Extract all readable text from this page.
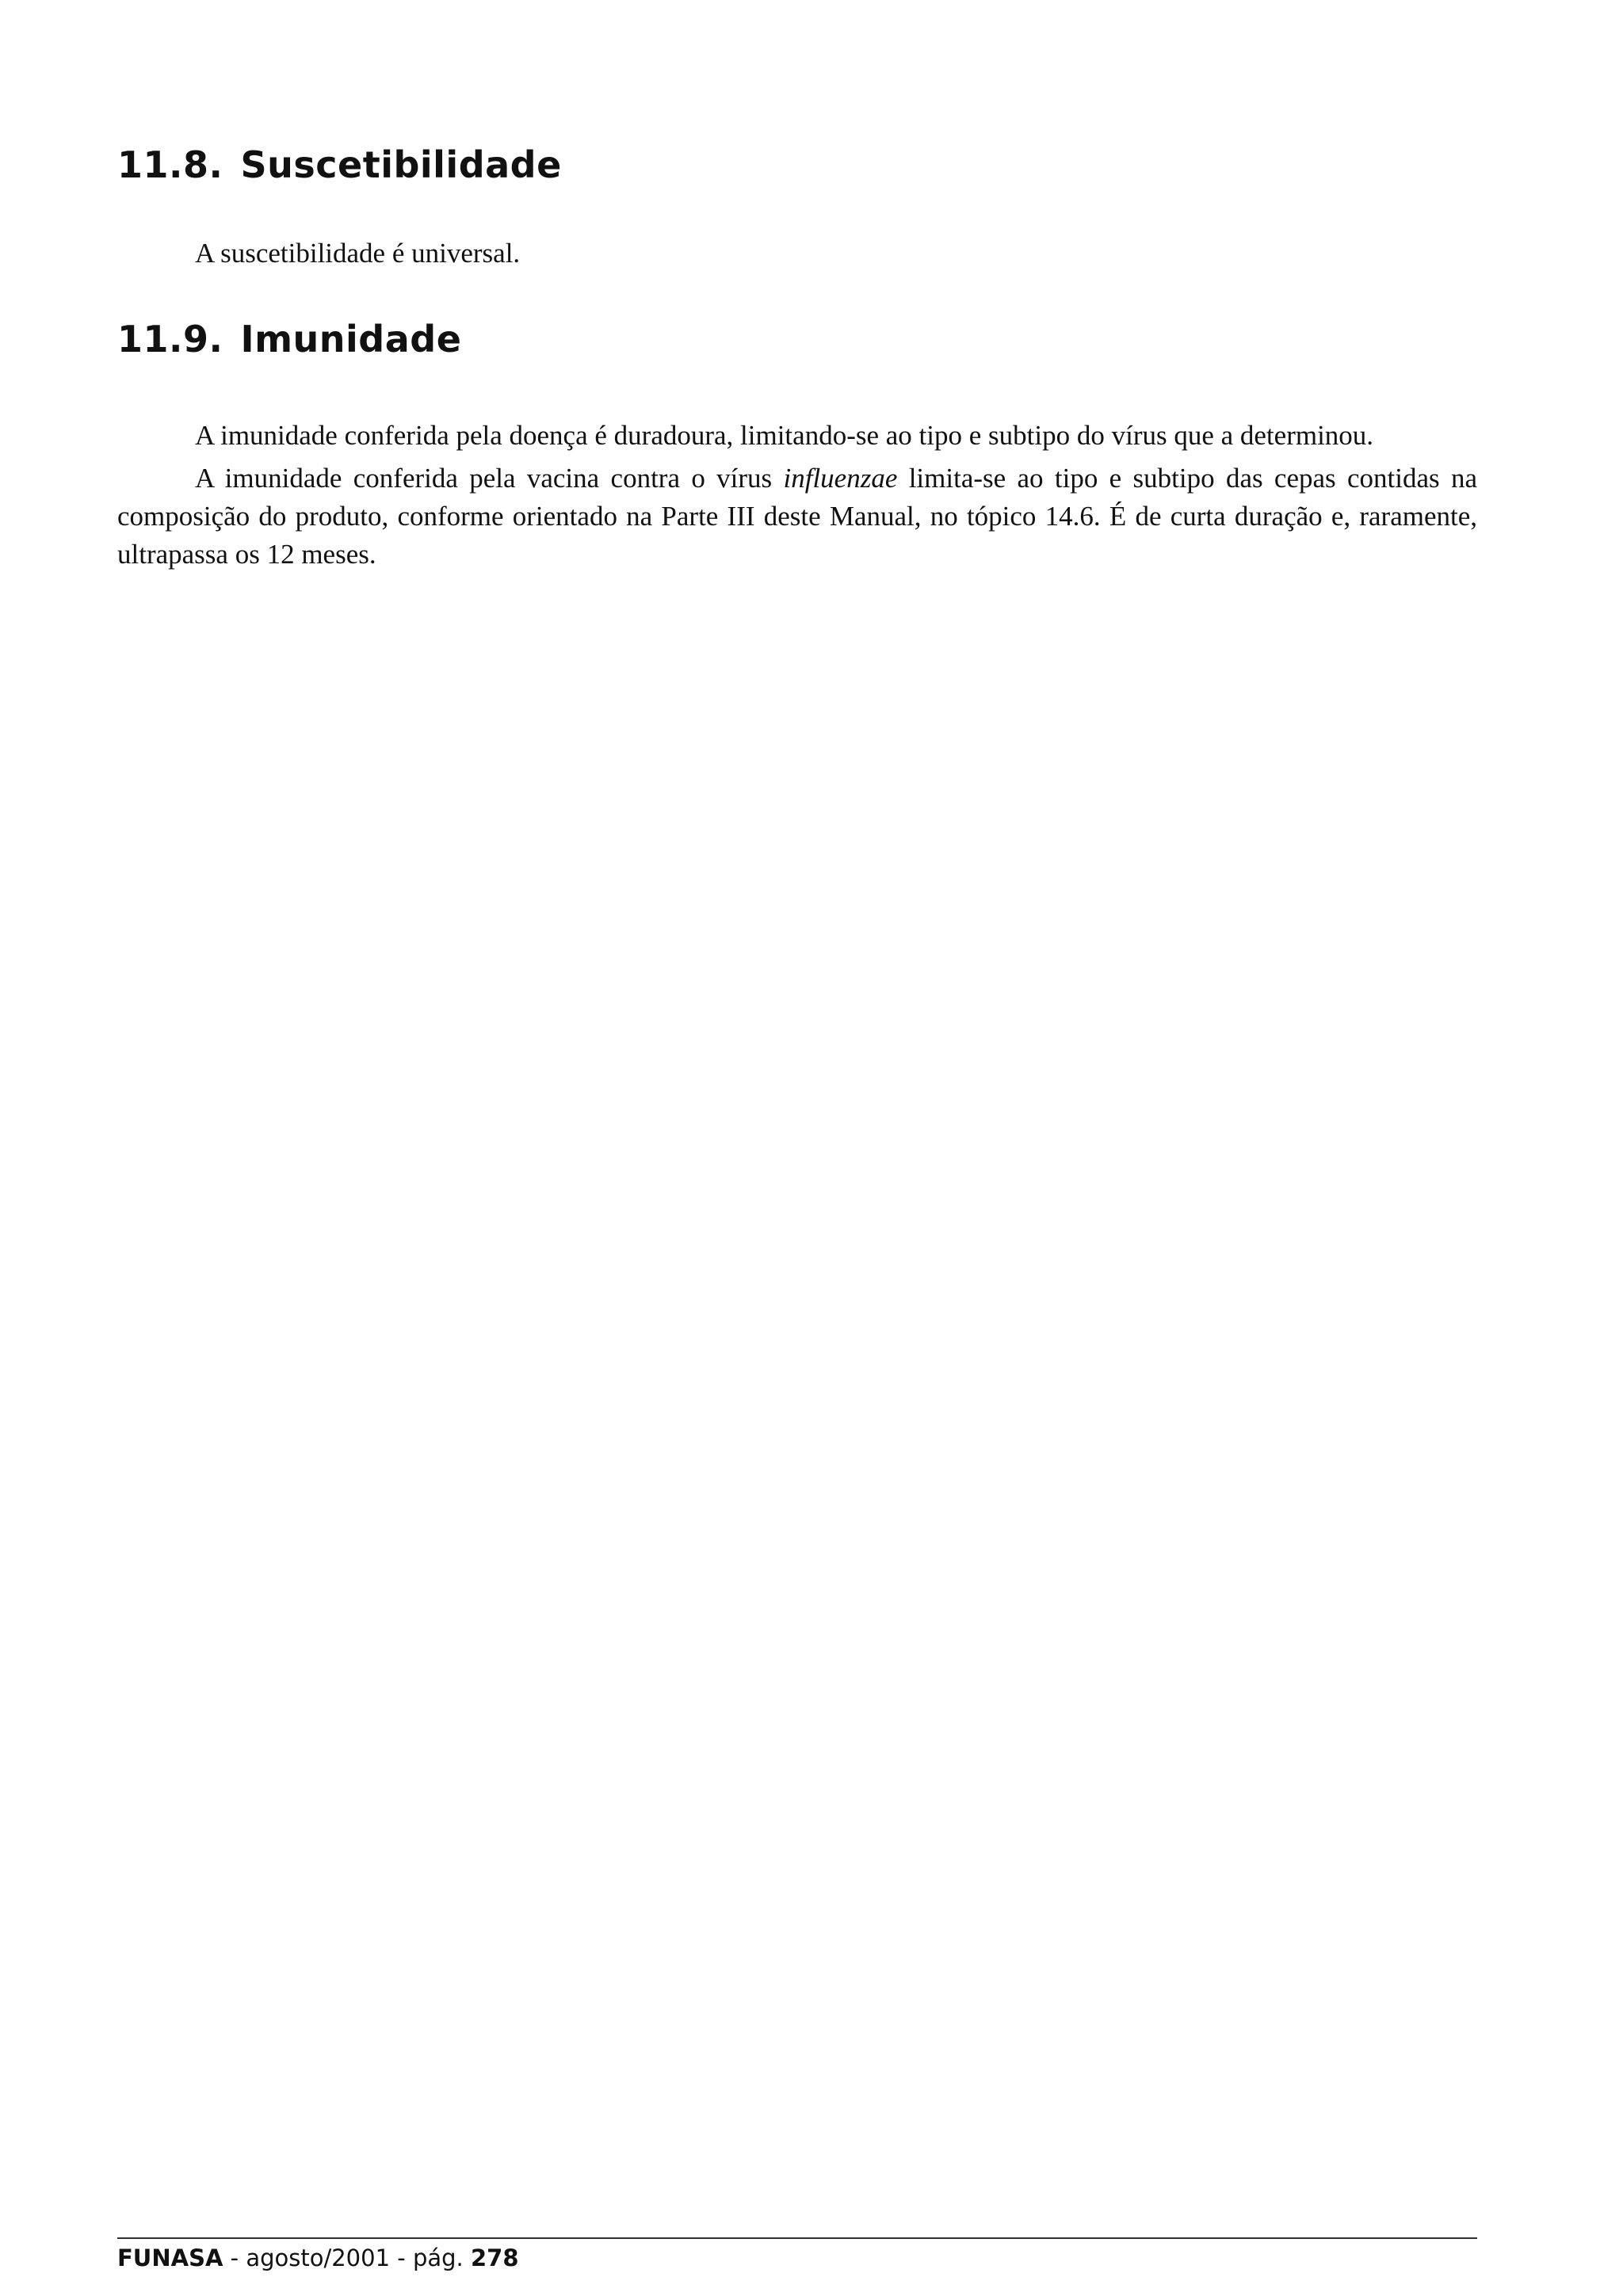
11.8. Suscetibilidade

A suscetibilidade é universal.

11.9. Imunidade

A imunidade conferida pela doença é duradoura, limitando-se ao tipo e subtipo do vírus que a determinou.

A imunidade conferida pela vacina contra o vírus influenzae limita-se ao tipo e subtipo das cepas contidas na composição do produto, conforme orientado na Parte III deste Manual, no tópico 14.6. É de curta duração e, raramente, ultrapassa os 12 meses.

FUNASA - agosto/2001 - pág. 278
